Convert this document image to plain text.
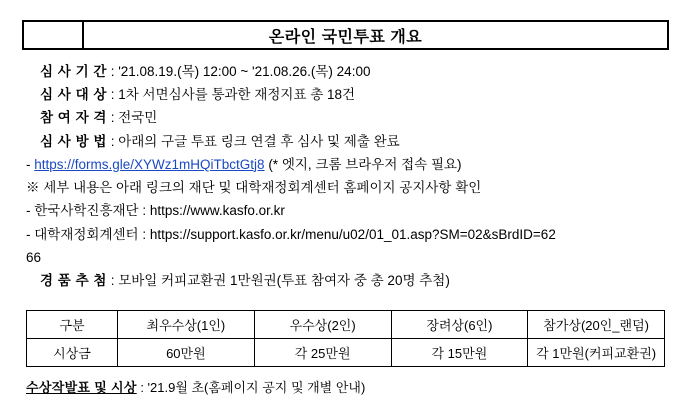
온라인 국민투표 개요
심 사 기 간 : '21.08.19.(목) 12:00 ~ '21.08.26.(목) 24:00
심 사 대 상 : 1차 서면심사를 통과한 재정지표 총 18건
참 여 자 격 : 전국민
심 사 방 법 : 아래의 구글 투표 링크 연결 후 심사 및 제출 완료
- https://forms.gle/XYWz1mHQiTbctGtj8 (* 엣지, 크롬 브라우저 접속 필요)
※ 세부 내용은 아래 링크의 재단 및 대학재정회계센터 홈페이지 공지사항 확인
- 한국사학진흥재단 : https://www.kasfo.or.kr
- 대학재정회계센터 : https://support.kasfo.or.kr/menu/u02/01_01.asp?SM=02&sBrdID=62
66
경 품 추 첨 : 모바일 커피교환권 1만원권(투표 참여자 중 총 20명 추첨)
구분	최우수상(1인)	우수상(2인)	장려상(6인)	참가상(20인_랜덤)
시상금	60만원	각 25만원	각 15만원	각 1만원(커피교환권)
수상작발표 및 시상 : '21.9월 초(홈페이지 공지 및 개별 안내)
